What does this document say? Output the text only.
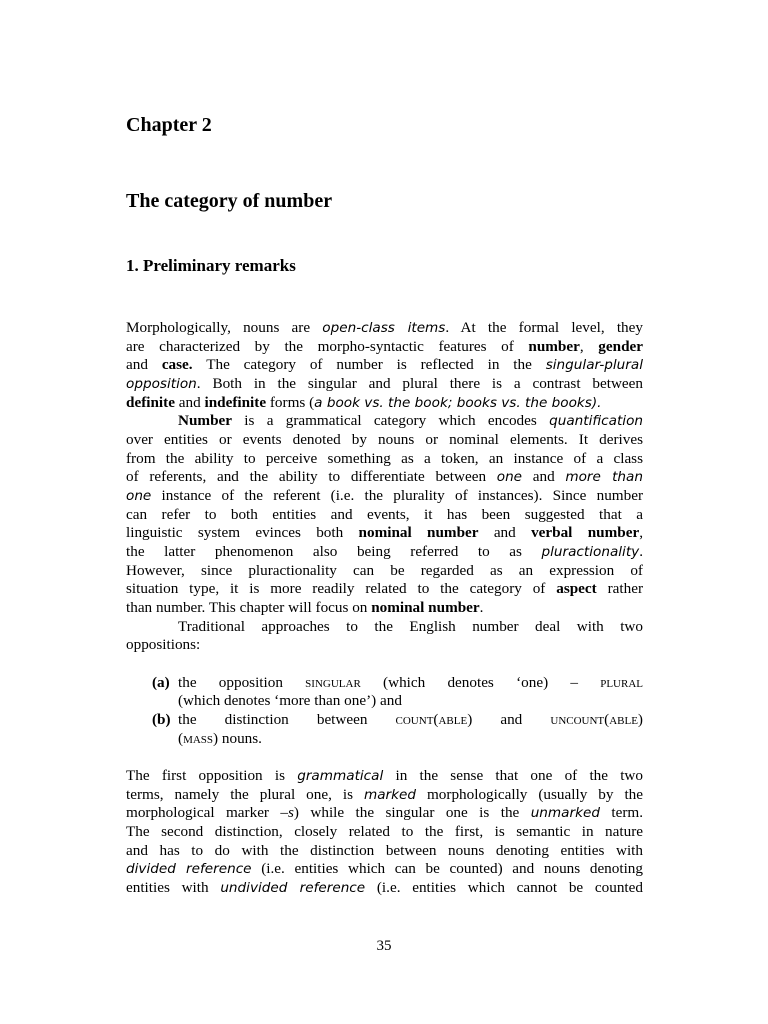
Chapter 2
The category of number
1. Preliminary remarks
Morphologically, nouns are open-class items. At the formal level, they
are characterized by the morpho-syntactic features of number, gender
and case. The category of number is reflected in the singular-plural
opposition. Both in the singular and plural there is a contrast between
definite and indefinite forms (a book vs. the book; books vs. the books).
Number is a grammatical category which encodes quantification
over entities or events denoted by nouns or nominal elements. It derives
from the ability to perceive something as a token, an instance of a class
of referents, and the ability to differentiate between one and more than
one instance of the referent (i.e. the plurality of instances). Since number
can refer to both entities and events, it has been suggested that a
linguistic system evinces both nominal number and verbal number,
the latter phenomenon also being referred to as pluractionality.
However, since pluractionality can be regarded as an expression of
situation type, it is more readily related to the category of aspect rather
than number. This chapter will focus on nominal number.
Traditional approaches to the English number deal with two
oppositions:
(a) the opposition singular (which denotes ‘one) – plural
(which denotes ‘more than one’) and
(b) the distinction between count(able) and uncount(able)
(mass) nouns.
The first opposition is grammatical in the sense that one of the two
terms, namely the plural one, is marked morphologically (usually by the
morphological marker –s) while the singular one is the unmarked term.
The second distinction, closely related to the first, is semantic in nature
and has to do with the distinction between nouns denoting entities with
divided reference (i.e. entities which can be counted) and nouns denoting
entities with undivided reference (i.e. entities which cannot be counted
35
